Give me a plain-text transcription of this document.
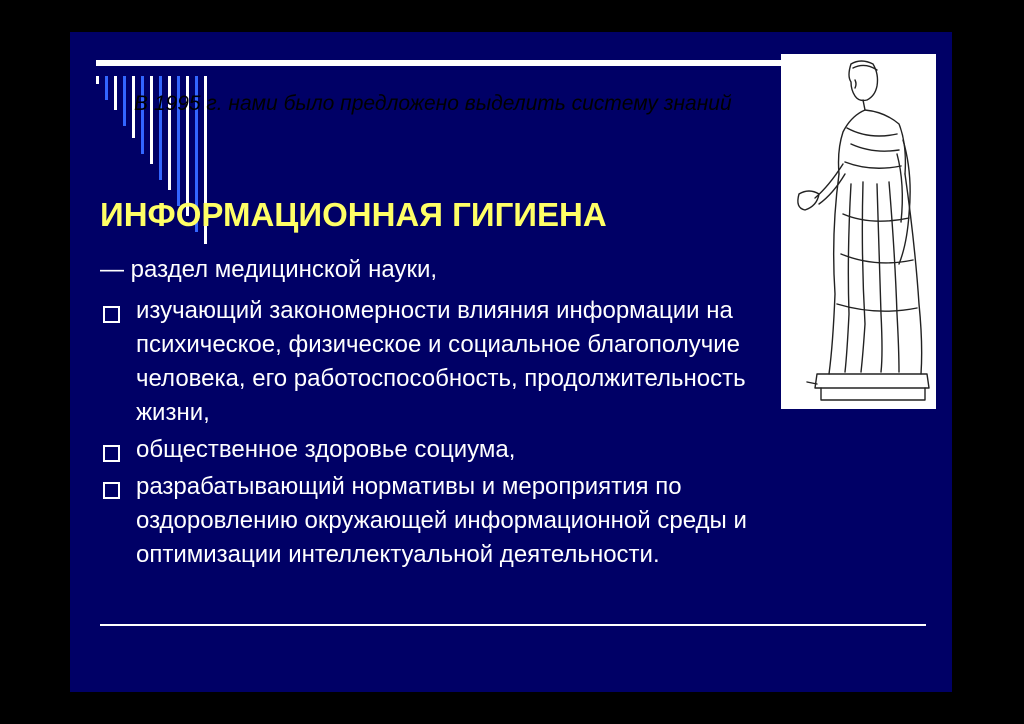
В 1995 г. нами было предложено выделить систему знаний
ИНФОРМАЦИОННАЯ ГИГИЕНА
— раздел медицинской науки,
изучающий закономерности влияния информации на психическое, физическое и социальное благополучие человека, его работоспособность, продолжительность жизни,
общественное здоровье социума,
разрабатывающий нормативы и мероприятия по оздоровлению окружающей информационной среды и оптимизации интеллектуальной деятельности.
